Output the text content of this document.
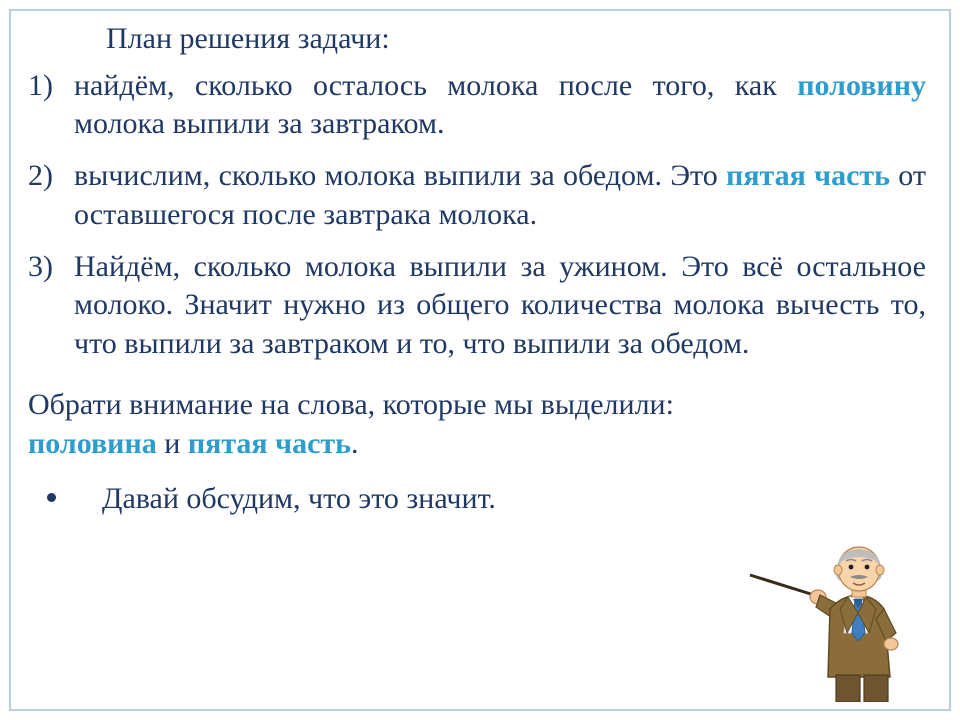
План решения задачи:
1) найдём, сколько осталось молока после того, как половину молока выпили за завтраком.
2) вычислим, сколько молока выпили за обедом. Это пятая часть от оставшегося после завтрака молока.
3) Найдём, сколько молока выпили за ужином. Это всё остальное молоко. Значит нужно из общего количества молока вычесть то, что выпили за завтраком и то, что выпили за обедом.
Обрати внимание на слова, которые мы выделили: половина и пятая часть.
Давай обсудим, что это значит.
